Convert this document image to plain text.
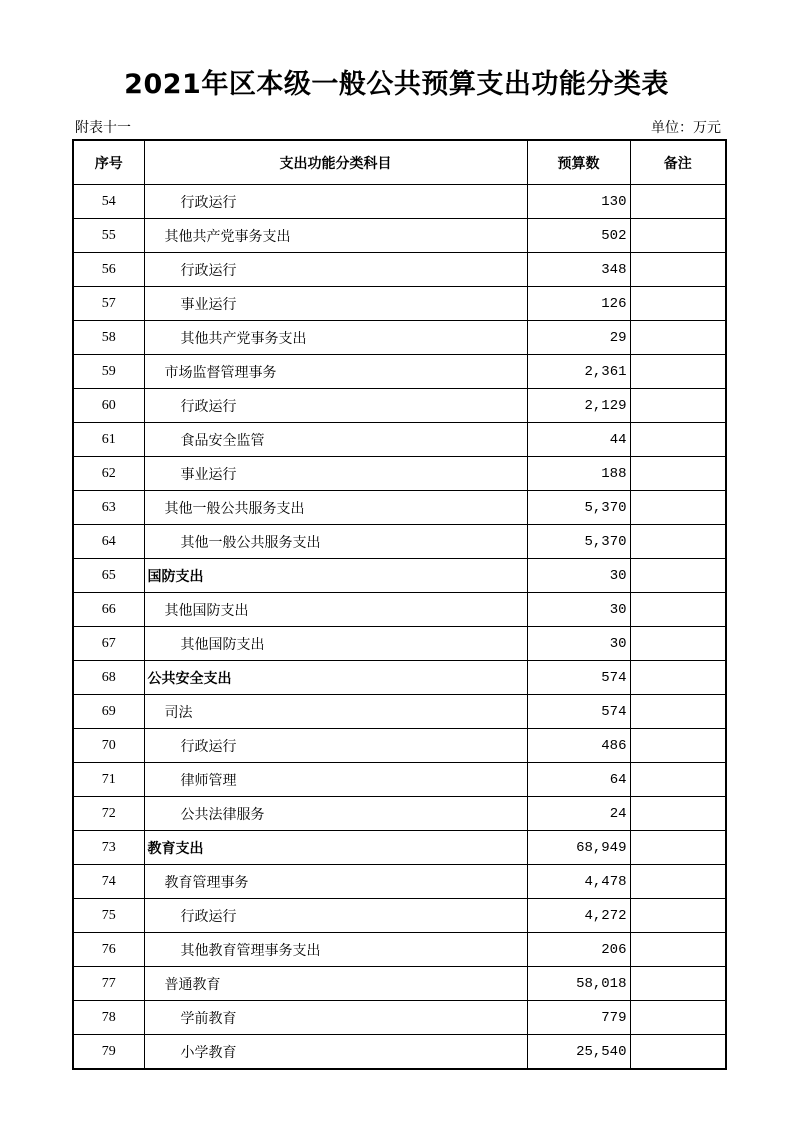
2021年区本级一般公共预算支出功能分类表
附表十一	单位：万元
序号	支出功能分类科目	预算数	备注
54	行政运行	130	
55	其他共产党事务支出	502	
56	行政运行	348	
57	事业运行	126	
58	其他共产党事务支出	29	
59	市场监督管理事务	2,361	
60	行政运行	2,129	
61	食品安全监管	44	
62	事业运行	188	
63	其他一般公共服务支出	5,370	
64	其他一般公共服务支出	5,370	
65	国防支出	30	
66	其他国防支出	30	
67	其他国防支出	30	
68	公共安全支出	574	
69	司法	574	
70	行政运行	486	
71	律师管理	64	
72	公共法律服务	24	
73	教育支出	68,949	
74	教育管理事务	4,478	
75	行政运行	4,272	
76	其他教育管理事务支出	206	
77	普通教育	58,018	
78	学前教育	779	
79	小学教育	25,540	
